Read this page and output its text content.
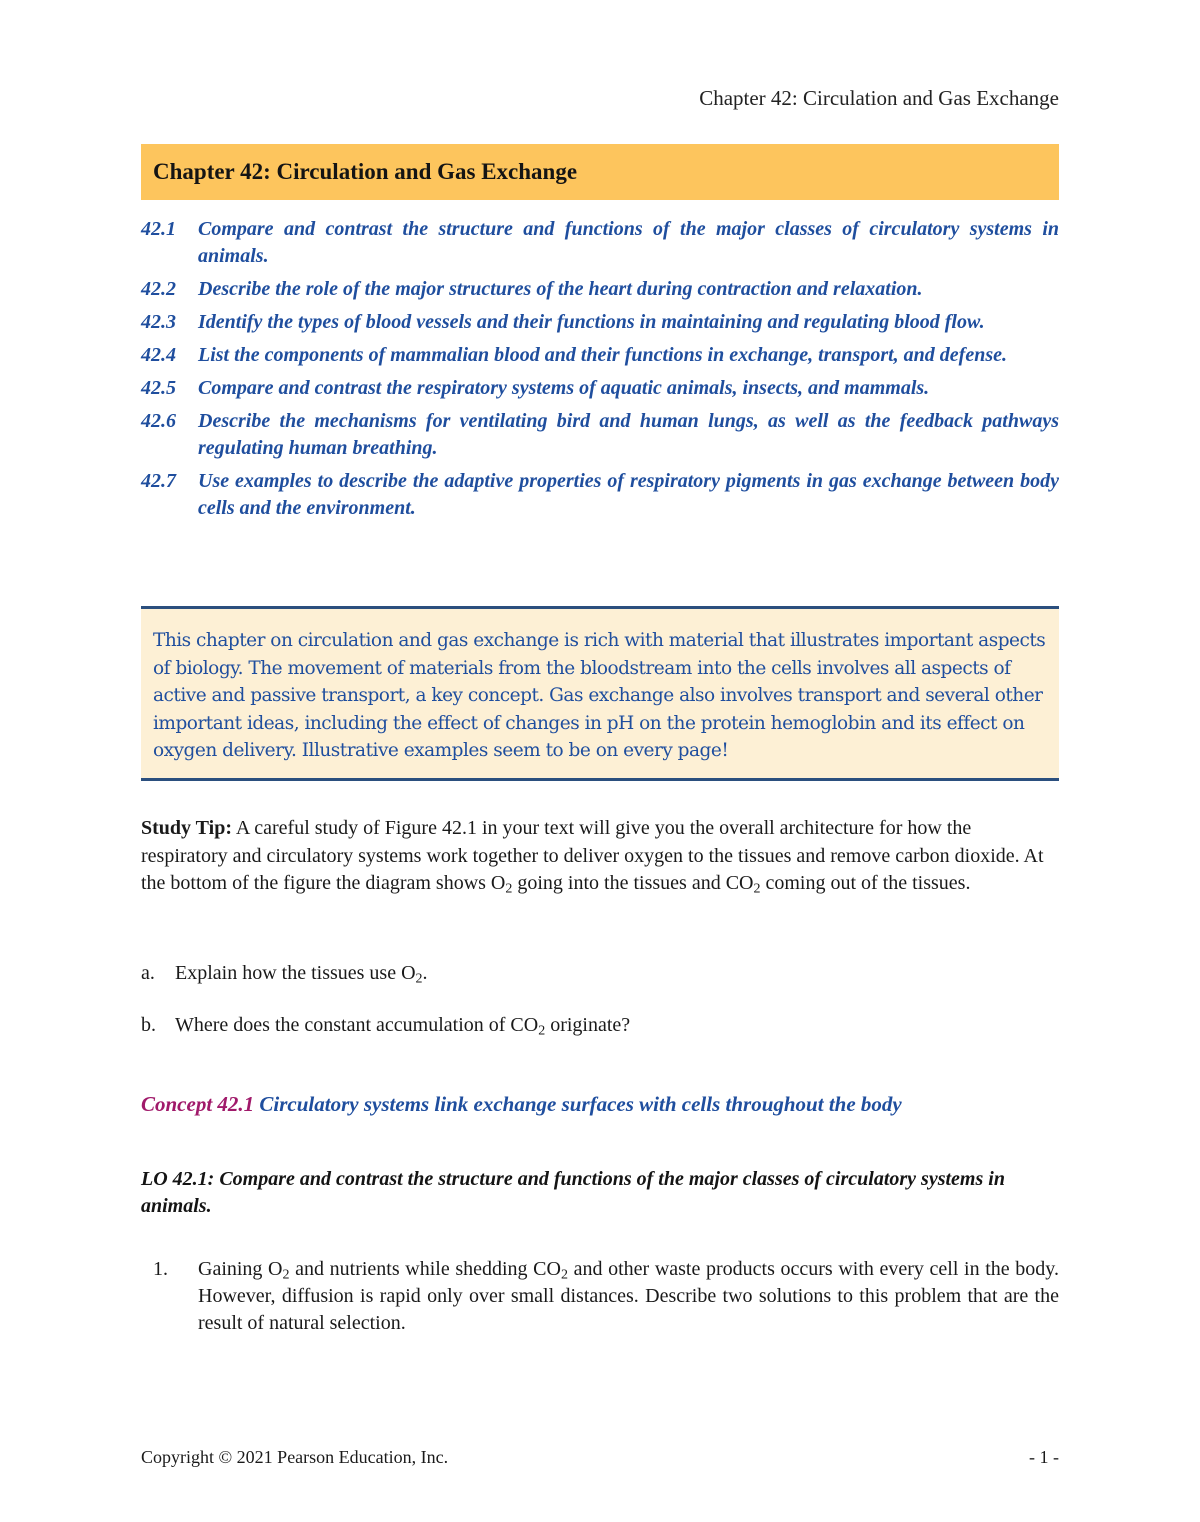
Chapter 42: Circulation and Gas Exchange
Chapter 42: Circulation and Gas Exchange
42.1	Compare and contrast the structure and functions of the major classes of circulatory systems in animals.
42.2	Describe the role of the major structures of the heart during contraction and relaxation.
42.3	Identify the types of blood vessels and their functions in maintaining and regulating blood flow.
42.4	List the components of mammalian blood and their functions in exchange, transport, and defense.
42.5	Compare and contrast the respiratory systems of aquatic animals, insects, and mammals.
42.6	Describe the mechanisms for ventilating bird and human lungs, as well as the feedback pathways regulating human breathing.
42.7	Use examples to describe the adaptive properties of respiratory pigments in gas exchange between body cells and the environment.

This chapter on circulation and gas exchange is rich with material that illustrates important aspects of biology. The movement of materials from the bloodstream into the cells involves all aspects of active and passive transport, a key concept. Gas exchange also involves transport and several other important ideas, including the effect of changes in pH on the protein hemoglobin and its effect on oxygen delivery. Illustrative examples seem to be on every page!

Study Tip: A careful study of Figure 42.1 in your text will give you the overall architecture for how the respiratory and circulatory systems work together to deliver oxygen to the tissues and remove carbon dioxide. At the bottom of the figure the diagram shows $O_2$ going into the tissues and $CO_2$ coming out of the tissues.

a.	Explain how the tissues use $O_2$.
b. Where does the constant accumulation of $CO_2$ originate?
Concept 42.1 Circulatory systems link exchange surfaces with cells throughout the body
LO 42.1: Compare and contrast the structure and functions of the major classes of circulatory systems in animals.
1.	Gaining $O_2$ and nutrients while shedding $CO_2$ and other waste products occurs with every cell in the body. However, diffusion is rapid only over small distances. Describe two solutions to this problem that are the result of natural selection.
Copyright © 2021 Pearson Education, Inc.	- 1 -
